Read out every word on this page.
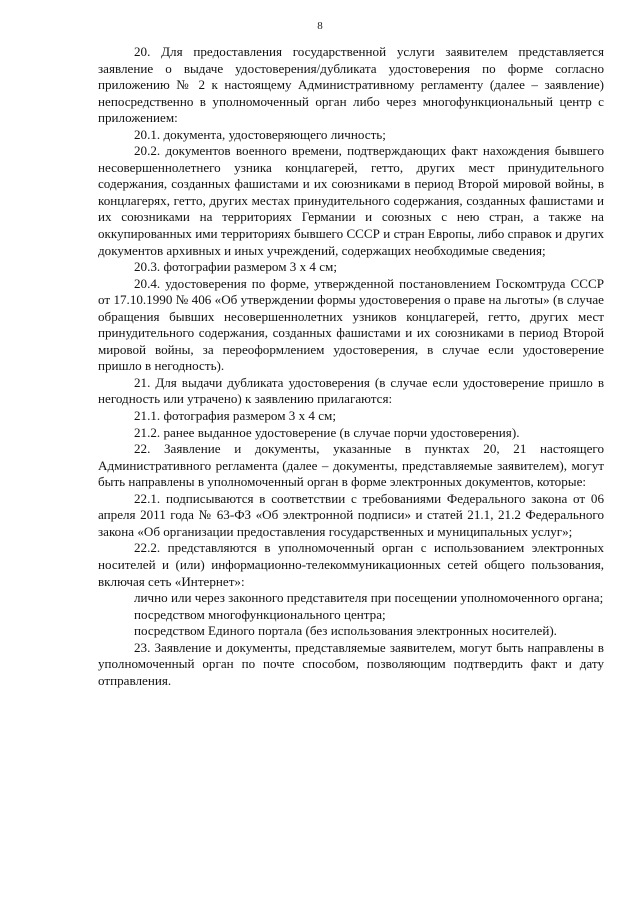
8

20. Для предоставления государственной услуги заявителем представляется заявление о выдаче удостоверения/дубликата удостоверения по форме согласно приложению № 2 к настоящему Административному регламенту (далее – заявление) непосредственно в уполномоченный орган либо через многофункциональный центр с приложением:

20.1. документа, удостоверяющего личность;

20.2. документов военного времени, подтверждающих факт нахождения бывшего несовершеннолетнего узника концлагерей, гетто, других мест принудительного содержания, созданных фашистами и их союзниками в период Второй мировой войны, в концлагерях, гетто, других местах принудительного содержания, созданных фашистами и их союзниками на территориях Германии и союзных с нею стран, а также на оккупированных ими территориях бывшего СССР и стран Европы, либо справок и других документов архивных и иных учреждений, содержащих необходимые сведения;

20.3. фотографии размером 3 х 4 см;

20.4. удостоверения по форме, утвержденной постановлением Госкомтруда СССР от 17.10.1990 № 406 «Об утверждении формы удостоверения о праве на льготы» (в случае обращения бывших несовершеннолетних узников концлагерей, гетто, других мест принудительного содержания, созданных фашистами и их союзниками в период Второй мировой войны, за переоформлением удостоверения, в случае если удостоверение пришло в негодность).

21. Для выдачи дубликата удостоверения (в случае если удостоверение пришло в негодность или утрачено) к заявлению прилагаются:

21.1. фотография размером 3 х 4 см;

21.2. ранее выданное удостоверение (в случае порчи удостоверения).

22. Заявление и документы, указанные в пунктах 20, 21 настоящего Административного регламента (далее – документы, представляемые заявителем), могут быть направлены в уполномоченный орган в форме электронных документов, которые:

22.1. подписываются в соответствии с требованиями Федерального закона от 06 апреля 2011 года № 63-ФЗ «Об электронной подписи» и статей 21.1, 21.2 Федерального закона «Об организации предоставления государственных и муниципальных услуг»;

22.2. представляются в уполномоченный орган с использованием электронных носителей и (или) информационно-телекоммуникационных сетей общего пользования, включая сеть «Интернет»:

лично или через законного представителя при посещении уполномоченного органа;

посредством многофункционального центра;

посредством Единого портала (без использования электронных носителей).

23. Заявление и документы, представляемые заявителем, могут быть направлены в уполномоченный орган по почте способом, позволяющим подтвердить факт и дату отправления.
